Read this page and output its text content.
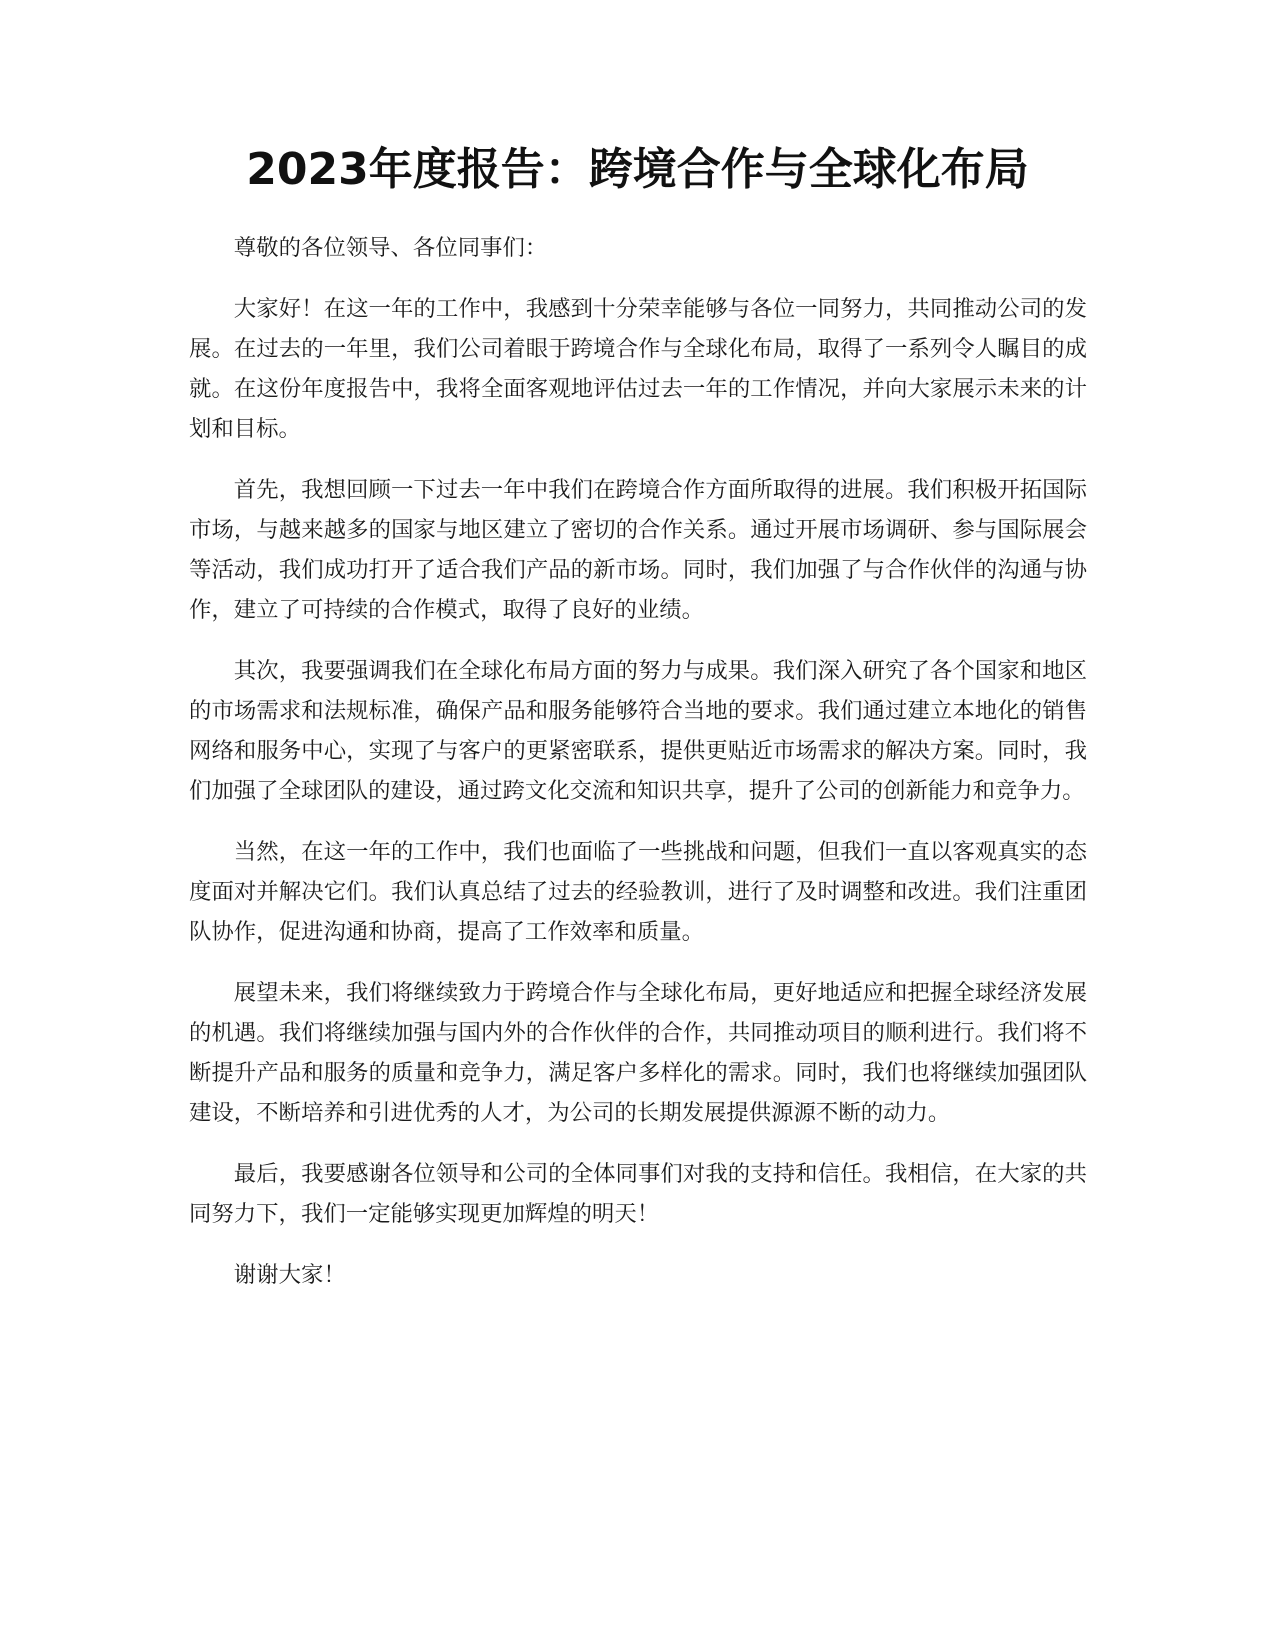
2023年度报告：跨境合作与全球化布局

尊敬的各位领导、各位同事们：

大家好！在这一年的工作中，我感到十分荣幸能够与各位一同努力，共同推动公司的发展。在过去的一年里，我们公司着眼于跨境合作与全球化布局，取得了一系列令人瞩目的成就。在这份年度报告中，我将全面客观地评估过去一年的工作情况，并向大家展示未来的计划和目标。

首先，我想回顾一下过去一年中我们在跨境合作方面所取得的进展。我们积极开拓国际市场，与越来越多的国家与地区建立了密切的合作关系。通过开展市场调研、参与国际展会等活动，我们成功打开了适合我们产品的新市场。同时，我们加强了与合作伙伴的沟通与协作，建立了可持续的合作模式，取得了良好的业绩。

其次，我要强调我们在全球化布局方面的努力与成果。我们深入研究了各个国家和地区的市场需求和法规标准，确保产品和服务能够符合当地的要求。我们通过建立本地化的销售网络和服务中心，实现了与客户的更紧密联系，提供更贴近市场需求的解决方案。同时，我们加强了全球团队的建设，通过跨文化交流和知识共享，提升了公司的创新能力和竞争力。

当然，在这一年的工作中，我们也面临了一些挑战和问题，但我们一直以客观真实的态度面对并解决它们。我们认真总结了过去的经验教训，进行了及时调整和改进。我们注重团队协作，促进沟通和协商，提高了工作效率和质量。

展望未来，我们将继续致力于跨境合作与全球化布局，更好地适应和把握全球经济发展的机遇。我们将继续加强与国内外的合作伙伴的合作，共同推动项目的顺利进行。我们将不断提升产品和服务的质量和竞争力，满足客户多样化的需求。同时，我们也将继续加强团队建设，不断培养和引进优秀的人才，为公司的长期发展提供源源不断的动力。

最后，我要感谢各位领导和公司的全体同事们对我的支持和信任。我相信，在大家的共同努力下，我们一定能够实现更加辉煌的明天！

谢谢大家！
